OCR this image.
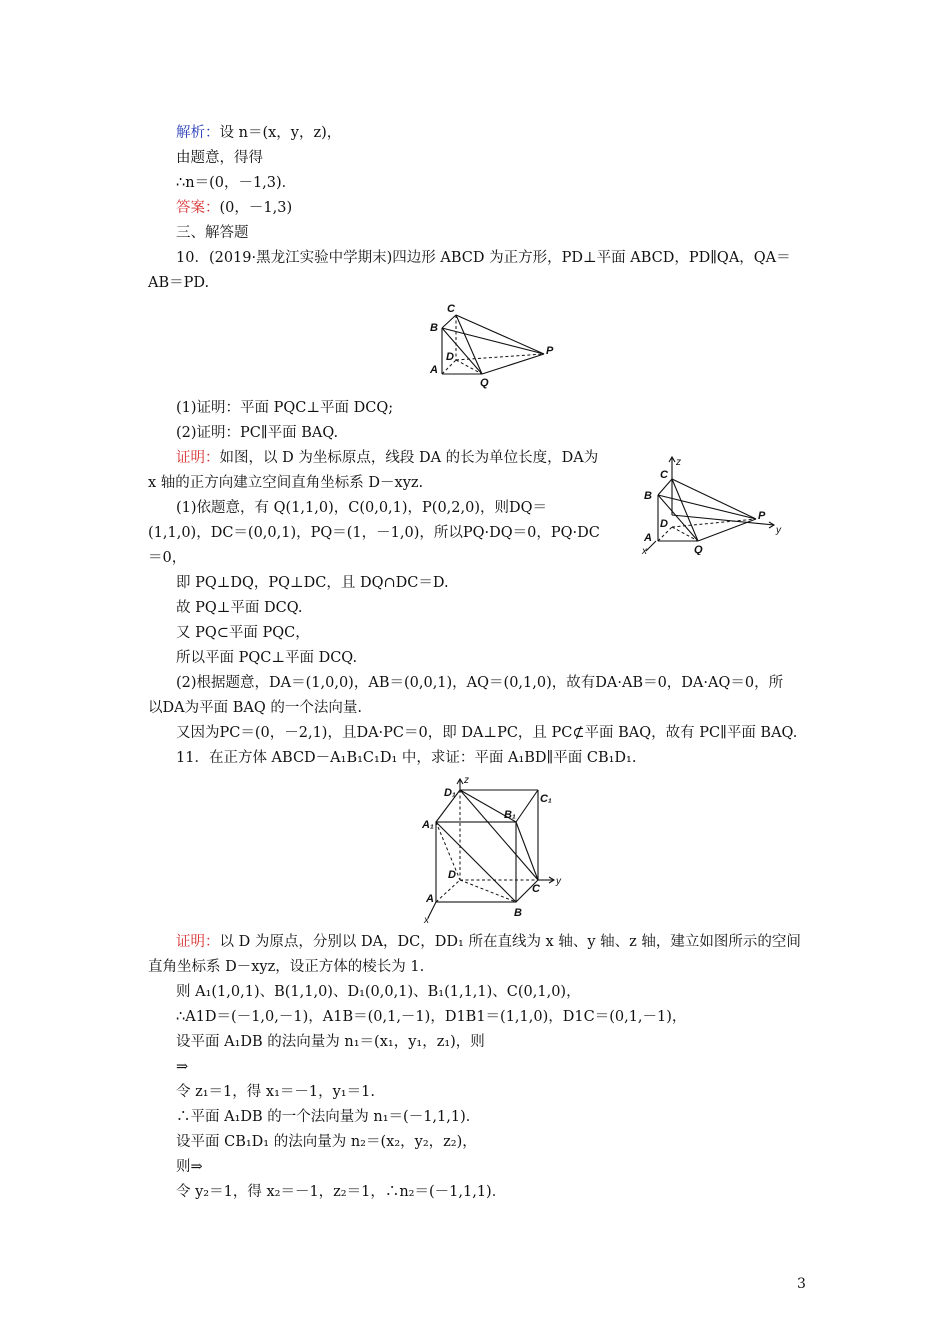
解析：设 n＝(x，y，z)，
由题意，得得
∴n＝(0，－1,3)．
答案：(0，－1,3)
三、解答题
10．(2019·黑龙江实验中学期末)四边形 ABCD 为正方形，PD⊥平面 ABCD，PD∥QA，QA＝
AB＝PD.
C
B
D
A
Q
P
(1)证明：平面 PQC⊥平面 DCQ;
(2)证明：PC∥平面 BAQ.
证明：如图，以 D 为坐标原点，线段 DA 的长为单位长度，DA为
x 轴的正方向建立空间直角坐标系 D－xyz.
(1)依题意，有 Q(1,1,0)，C(0,0,1)，P(0,2,0)，则DQ＝
(1,1,0)，DC＝(0,0,1)，PQ＝(1，－1,0)，所以PQ·DQ＝0，PQ·DC
＝0，
z
y
x
C
B
D
A
Q
P
即 PQ⊥DQ，PQ⊥DC，且 DQ∩DC＝D.
故 PQ⊥平面 DCQ.
又 PQ⊂平面 PQC，
所以平面 PQC⊥平面 DCQ.
(2)根据题意，DA＝(1,0,0)，AB＝(0,0,1)，AQ＝(0,1,0)，故有DA·AB＝0，DA·AQ＝0，所
以DA为平面 BAQ 的一个法向量.
又因为PC＝(0，－2,1)，且DA·PC＝0，即 DA⊥PC，且 PC⊄平面 BAQ，故有 PC∥平面 BAQ.
11．在正方体 ABCD－A₁B₁C₁D₁ 中，求证：平面 A₁BD∥平面 CB₁D₁.
z
y
x
D₁	C₁
B₁
A₁
D
C
A
B
证明：以 D 为原点，分别以 DA，DC，DD₁ 所在直线为 x 轴、y 轴、z 轴，建立如图所示的空间
直角坐标系 D－xyz，设正方体的棱长为 1.
则 A₁(1,0,1)、B(1,1,0)、D₁(0,0,1)、B₁(1,1,1)、C(0,1,0)，
∴A1D＝(－1,0,－1)，A1B＝(0,1,－1)，D1B1＝(1,1,0)，D1C＝(0,1,－1)，
设平面 A₁DB 的法向量为 n₁＝(x₁，y₁，z₁)，则
⇒
令 z₁＝1，得 x₁＝－1，y₁＝1.
∴平面 A₁DB 的一个法向量为 n₁＝(－1,1,1)．
设平面 CB₁D₁ 的法向量为 n₂＝(x₂，y₂，z₂)，
则⇒
令 y₂＝1，得 x₂＝－1，z₂＝1，∴n₂＝(－1,1,1)．
3
